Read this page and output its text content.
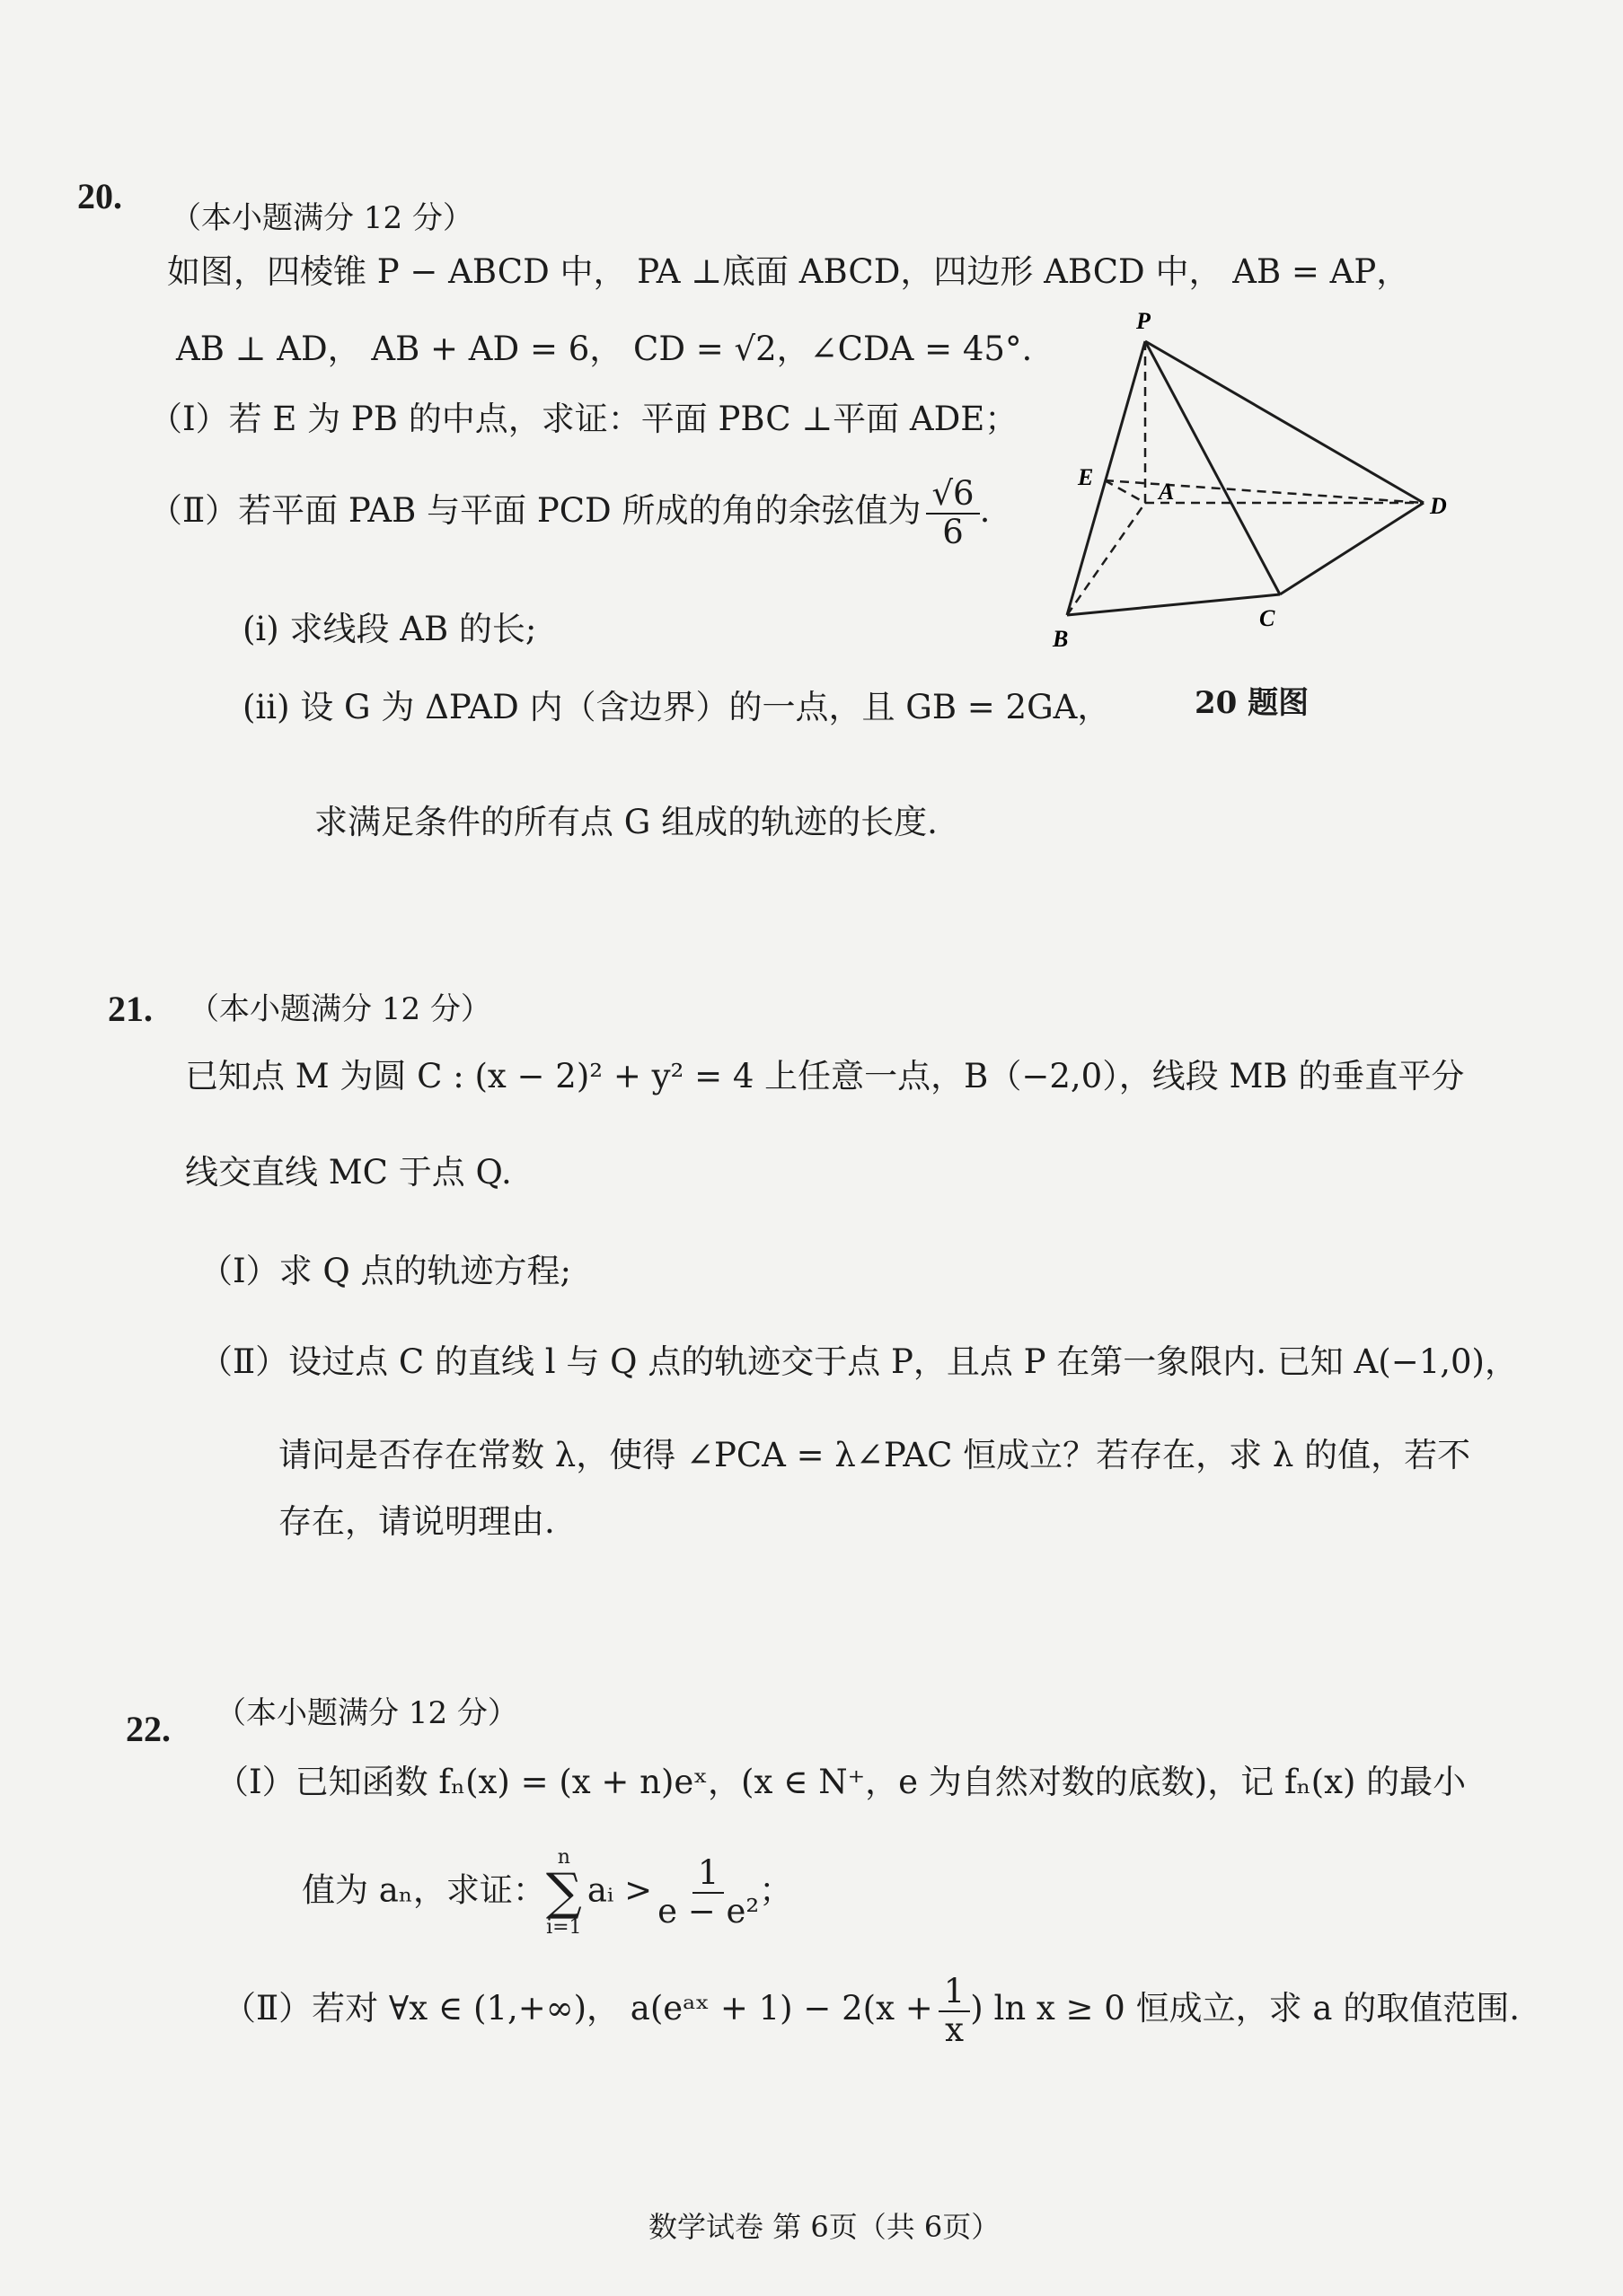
20.
（本小题满分 12 分）
如图，四棱锥 P − ABCD 中， PA ⊥底面 ABCD，四边形 ABCD 中， AB = AP，
AB ⊥ AD， AB + AD = 6， CD = √2，∠CDA = 45°.
（Ⅰ）若 E 为 PB 的中点，求证：平面 PBC ⊥平面 ADE；
（Ⅱ）若平面 PAB 与平面 PCD 所成的角的余弦值为 $\frac{√6}{6}$ .
(i) 求线段 AB 的长;
(ii) 设 G 为 ΔPAD 内（含边界）的一点，且 GB = 2GA，
求满足条件的所有点 G 组成的轨迹的长度.
P
E
A
D
B
C
20 题图
21. （本小题满分 12 分）
已知点 M 为圆 C : (x − 2)² + y² = 4 上任意一点，B（−2,0），线段 MB 的垂直平分
线交直线 MC 于点 Q.
（Ⅰ）求 Q 点的轨迹方程;
（Ⅱ）设过点 C 的直线 l 与 Q 点的轨迹交于点 P，且点 P 在第一象限内. 已知 A(−1,0)，
请问是否存在常数 λ，使得 ∠PCA = λ∠PAC 恒成立？若存在，求 λ 的值，若不
存在，请说明理由.
22. （本小题满分 12 分）
（Ⅰ）已知函数 fₙ(x) = (x + n)eˣ，(x ∈ N⁺，e 为自然对数的底数)，记 fₙ(x) 的最小
值为 aₙ，求证：
n
∑
i=1
aᵢ > $\frac{1}{\text{e − e²}}$ ；
（Ⅱ）若对 ∀x ∈ (1,+∞)， a(eᵃˣ + $1) - 2(x + \frac{1}{x}$ ) ln x ≥ 0 恒成立，求 a 的取值范围.
数学试卷 第 6页（共 6页）
